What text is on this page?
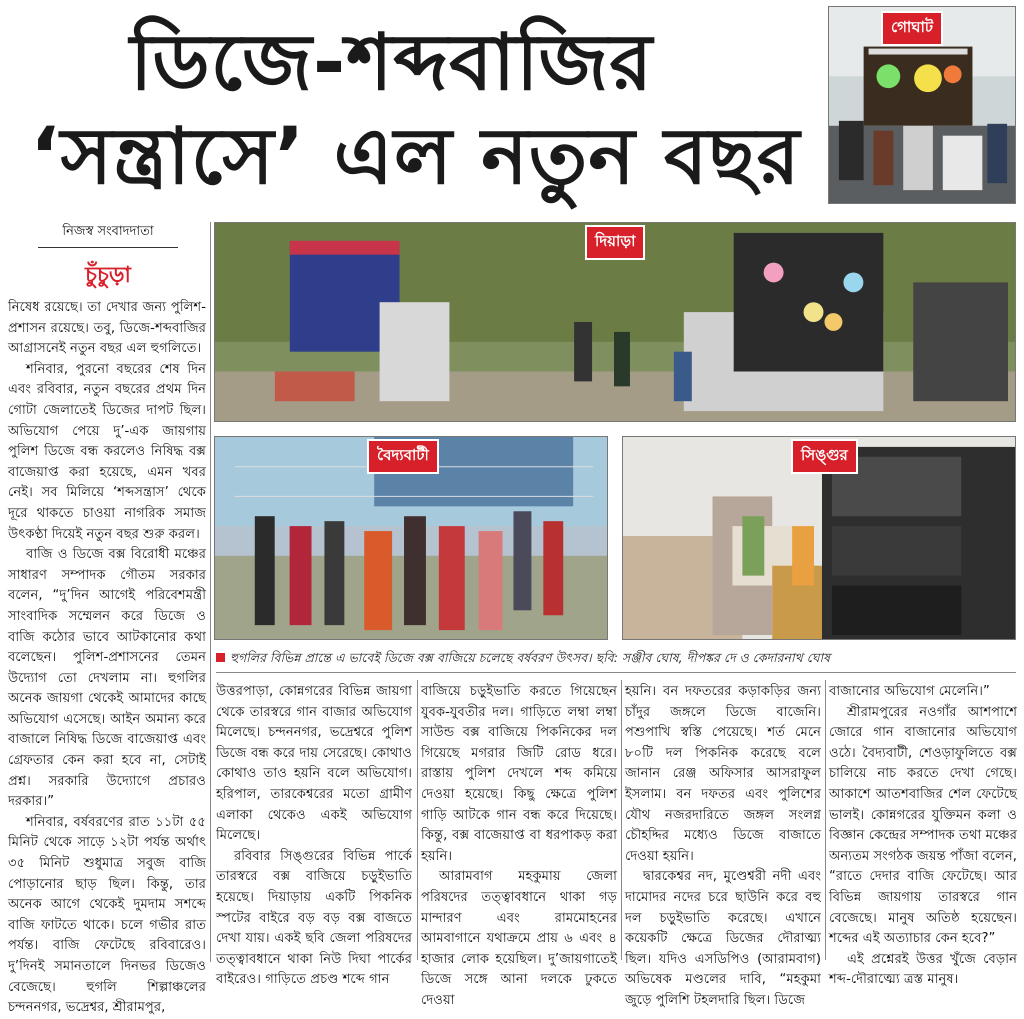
ডিজে-শব্দবাজির
‘সন্ত্রাসে’ এল নতুন বছর
গোঘাট
নিজস্ব সংবাদদাতা
চুঁচুড়া
দিয়াড়া
বৈদ্যবাটী	সিঙ্গুর
হুগলির বিভিন্ন প্রান্তে এ ভাবেই ডিজে বক্স বাজিয়ে চলেছে বর্ষবরণ উৎসব। ছবি: সঞ্জীব ঘোষ, দীপঙ্কর দে ও কেদারনাথ ঘোষ

নিষেধ রয়েছে। তা দেখার জন্য পুলিশ-প্রশাসন রয়েছে। তবু, ডিজে-শব্দবাজির আগ্রাসনেই নতুন বছর এল হুগলিতে।

শনিবার, পুরনো বছরের শেষ দিন এবং রবিবার, নতুন বছরের প্রথম দিন গোটা জেলাতেই ডিজের দাপট ছিল। অভিযোগ পেয়ে দু’-এক জায়গায় পুলিশ ডিজে বন্ধ করলেও নিষিদ্ধ বক্স বাজেয়াপ্ত করা হয়েছে, এমন খবর নেই। সব মিলিয়ে ‘শব্দসন্ত্রাস’ থেকে দূরে থাকতে চাওয়া নাগরিক সমাজ উৎকণ্ঠা দিয়েই নতুন বছর শুরু করল।

বাজি ও ডিজে বক্স বিরোধী মঞ্চের সাধারণ সম্পাদক গৌতম সরকার বলেন, “দু’দিন আগেই পরিবেশমন্ত্রী সাংবাদিক সম্মেলন করে ডিজে ও বাজি কঠোর ভাবে আটকানোর কথা বলেছেন। পুলিশ-প্রশাসনের তেমন উদ্যোগ তো দেখলাম না। হুগলির অনেক জায়গা থেকেই আমাদের কাছে অভিযোগ এসেছে। আইন অমান্য করে বাজালে নিষিদ্ধ ডিজে বাজেয়াপ্ত এবং গ্রেফতার কেন করা হবে না, সেটাই প্রশ্ন। সরকারি উদ্যোগে প্রচারও দরকার।”

শনিবার, বর্ষবরণের রাত ১১টা ৫৫ মিনিট থেকে সাড়ে ১২টা পর্যন্ত অর্থাৎ ৩৫ মিনিট শুধুমাত্র সবুজ বাজি পোড়ানোর ছাড় ছিল। কিন্তু, তার অনেক আগে থেকেই দুমদাম সশব্দে বাজি ফাটতে থাকে। চলে গভীর রাত পর্যন্ত। বাজি ফেটেছে রবিবারেও। দু’দিনই সমানতালে দিনভর ডিজেও বেজেছে। হুগলি শিল্পাঞ্চলের চন্দননগর, ভদ্রেশ্বর, শ্রীরামপুর,

উত্তরপাড়া, কোন্নগরের বিভিন্ন জায়গা থেকে তারস্বরে গান বাজার অভিযোগ মিলেছে। চন্দননগর, ভদ্রেশ্বরে পুলিশ ডিজে বন্ধ করে দায় সেরেছে। কোথাও কোথাও তাও হয়নি বলে অভিযোগ। হরিপাল, তারকেশ্বরের মতো গ্রামীণ এলাকা থেকেও একই অভিযোগ মিলেছে।

রবিবার সিঙ্গুরের বিভিন্ন পার্কে তারস্বরে বক্স বাজিয়ে চড়ুইভাতি হয়েছে। দিয়াড়ায় একটি পিকনিক স্পটের বাইরে বড় বড় বক্স বাজতে দেখা যায়। একই ছবি জেলা পরিষদের তত্ত্বাবধানে থাকা নিউ দিঘা পার্কের বাইরেও। গাড়িতে প্রচণ্ড শব্দে গান

বাজিয়ে চড়ুইভাতি করতে গিয়েছেন যুবক-যুবতীর দল। গাড়িতে লম্বা লম্বা সাউন্ড বক্স বাজিয়ে পিকনিকের দল গিয়েছে মগরার জিটি রোড ধরে। রাস্তায় পুলিশ দেখলে শব্দ কমিয়ে দেওয়া হয়েছে। কিছু ক্ষেত্রে পুলিশ গাড়ি আটকে গান বন্ধ করে দিয়েছে। কিন্তু, বক্স বাজেয়াপ্ত বা ধরপাকড় করা হয়নি।

আরামবাগ মহকুমায় জেলা পরিষদের তত্ত্বাবধানে থাকা গড় মান্দারণ এবং রামমোহনের আমবাগানে যথাক্রমে প্রায় ৬ এবং ৪ হাজার লোক হয়েছিল। দু’জায়গাতেই ডিজে সঙ্গে আনা দলকে ঢুকতে দেওয়া

হয়নি। বন দফতরের কড়াকড়ির জন্য চাঁদুর জঙ্গলে ডিজে বাজেনি। পশুপাখি স্বস্তি পেয়েছে। শর্ত মেনে ৮০টি দল পিকনিক করেছে বলে জানান রেঞ্জ অফিসার আসরাফুল ইসলাম। বন দফতর এবং পুলিশের যৌথ নজরদারিতে জঙ্গল সংলগ্ন চৌহদ্দির মধ্যেও ডিজে বাজাতে দেওয়া হয়নি।

দ্বারকেশ্বর নদ, মুণ্ডেশ্বরী নদী এবং দামোদর নদের চরে ছাউনি করে বহু দল চড়ুইভাতি করেছে। এখানে কয়েকটি ক্ষেত্রে ডিজের দৌরাত্ম্য ছিল। যদিও এসডিপিও (আরামবাগ) অভিষেক মণ্ডলের দাবি, “মহকুমা জুড়ে পুলিশি টহলদারি ছিল। ডিজে

বাজানোর অভিযোগ মেলেনি।”

শ্রীরামপুরের নওগাঁর আশপাশে জোরে গান বাজানোর অভিযোগ ওঠে। বৈদ্যবাটী, শেওড়াফুলিতে বক্স চালিয়ে নাচ করতে দেখা গেছে। আকাশে আতশবাজির শেল ফেটেছে ভালই। কোন্নগরের যুক্তিমন কলা ও বিজ্ঞান কেন্দ্রের সম্পাদক তথা মঞ্চের অন্যতম সংগঠক জয়ন্ত পাঁজা বলেন, “রাতে দেদার বাজি ফেটেছে। আর বিভিন্ন জায়গায় তারস্বরে গান বেজেছে। মানুষ অতিষ্ঠ হয়েছেন। শব্দের এই অত্যাচার কেন হবে?”

এই প্রশ্নেরই উত্তর খুঁজে বেড়ান শব্দ-দৌরাত্ম্যে ত্রস্ত মানুষ।
